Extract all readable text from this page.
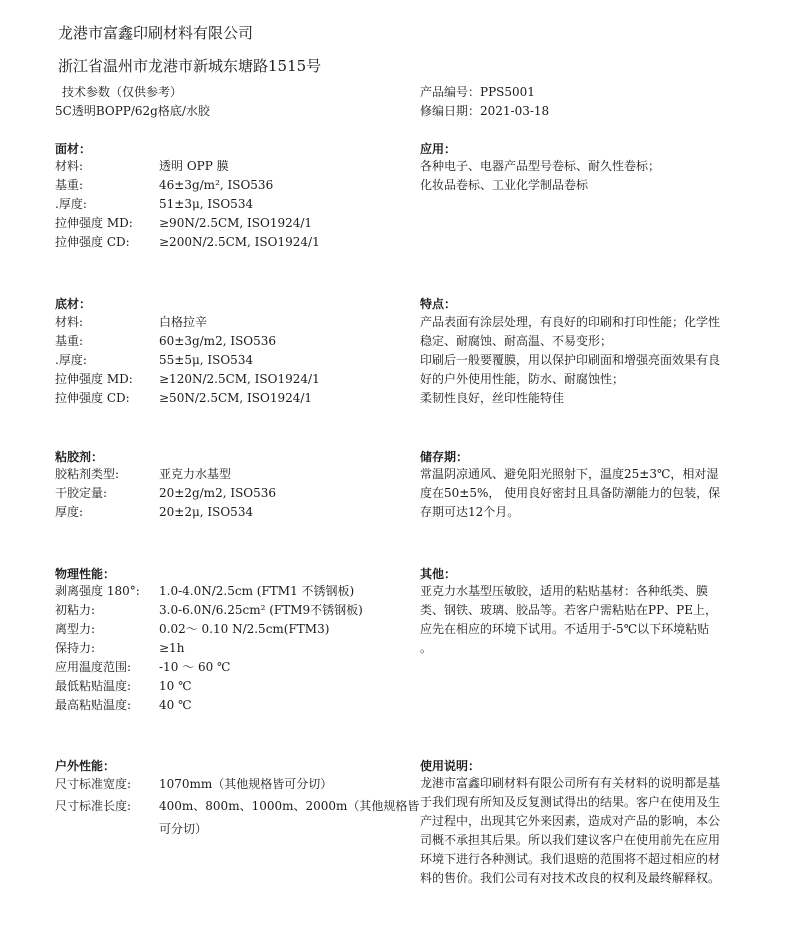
龙港市富鑫印刷材料有限公司
浙江省温州市龙港市新城东塘路1515号
技术参数（仅供参考）
5C透明BOPP/62g格底/水胶
产品编号：PPS5001
修编日期：2021-03-18
面材：
材料:	透明 OPP 膜
基重:	46±3g/m², ISO536
.厚度:	51±3μ, ISO534
拉伸强度 MD: ≥90N/2.5CM, ISO1924/1
拉伸强度 CD: ≥200N/2.5CM, ISO1924/1
应用：

各种电子、电器产品型号卷标、耐久性卷标；

化妆品卷标、工业化学制品卷标

底材：
材料:	白格拉辛
基重:	60±3g/m2, ISO536
.厚度:	55±5μ, ISO534
拉伸强度 MD: ≥120N/2.5CM, ISO1924/1
拉伸强度 CD: ≥50N/2.5CM, ISO1924/1
特点：

产品表面有涂层处理，有良好的印刷和打印性能；化学性

稳定、耐腐蚀、耐高温、不易变形；

印刷后一般要覆膜，用以保护印刷面和增强亮面效果有良

好的户外使用性能，防水、耐腐蚀性；

柔韧性良好，丝印性能特佳

粘胶剂：
胶粘剂类型:	亚克力水基型
干胶定量:	20±2g/m2, ISO536
厚度:	20±2μ, ISO534
储存期：

常温阴凉通风、避免阳光照射下，温度25±3℃，相对湿

度在50±5%， 使用良好密封且具备防潮能力的包装，保

存期可达12个月。

物理性能：
剥离强度 180°: 1.0-4.0N/2.5cm (FTM1 不锈钢板)
初粘力:	3.0-6.0N/6.25cm² (FTM9不锈钢板)
离型力:	0.02～ 0.10 N/2.5cm(FTM3)
保持力:	≥1h
应用温度范围: -10 ～ 60 ℃
最低粘贴温度: 10 ℃
最高粘贴温度: 40 ℃
其他：

亚克力水基型压敏胶，适用的粘贴基材：各种纸类、膜

类、钢铁、玻璃、胶品等。若客户需粘贴在PP、PE上，

应先在相应的环境下试用。不适用于-5℃以下环境粘贴

。

户外性能：
尺寸标准宽度: 1070mm（其他规格皆可分切）
尺寸标准长度: 400m、800m、1000m、2000m（其他规格皆
可分切）
使用说明：

龙港市富鑫印刷材料有限公司所有有关材料的说明都是基

于我们现有所知及反复测试得出的结果。客户在使用及生

产过程中，出现其它外来因素，造成对产品的影响，本公

司概不承担其后果。所以我们建议客户在使用前先在应用

环境下进行各种测试。我们退赔的范围将不超过相应的材

料的售价。我们公司有对技术改良的权利及最终解释权。
